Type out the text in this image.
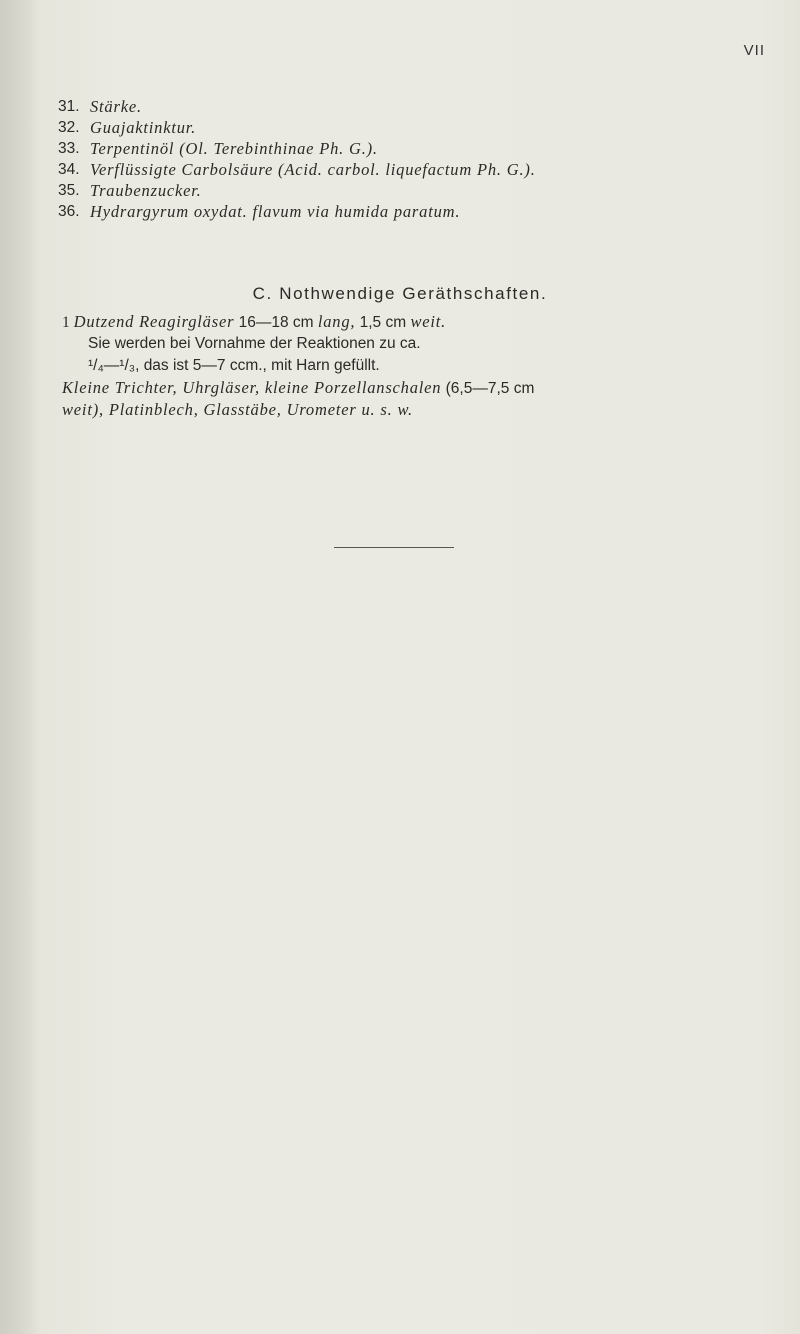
VII
31. Stärke.
32. Guajaktinktur.
33. Terpentinöl (Ol. Terebinthinae Ph. G.).
34. Verflüssigte Carbolsäure (Acid. carbol. liquefactum Ph. G.).
35. Traubenzucker.
36. Hydrargyrum oxydat. flavum via humida paratum.
C. Nothwendige Geräthschaften.
1 Dutzend Reagirgläser 16—18 cm lang, 1,5 cm weit.
Sie werden bei Vornahme der Reaktionen zu ca.
¹/₄—¹/₃, das ist 5—7 ccm., mit Harn gefüllt.
Kleine Trichter, Uhrgläser, kleine Porzellanschalen (6,5—7,5 cm
weit), Platinblech, Glasstäbe, Urometer u. s. w.
